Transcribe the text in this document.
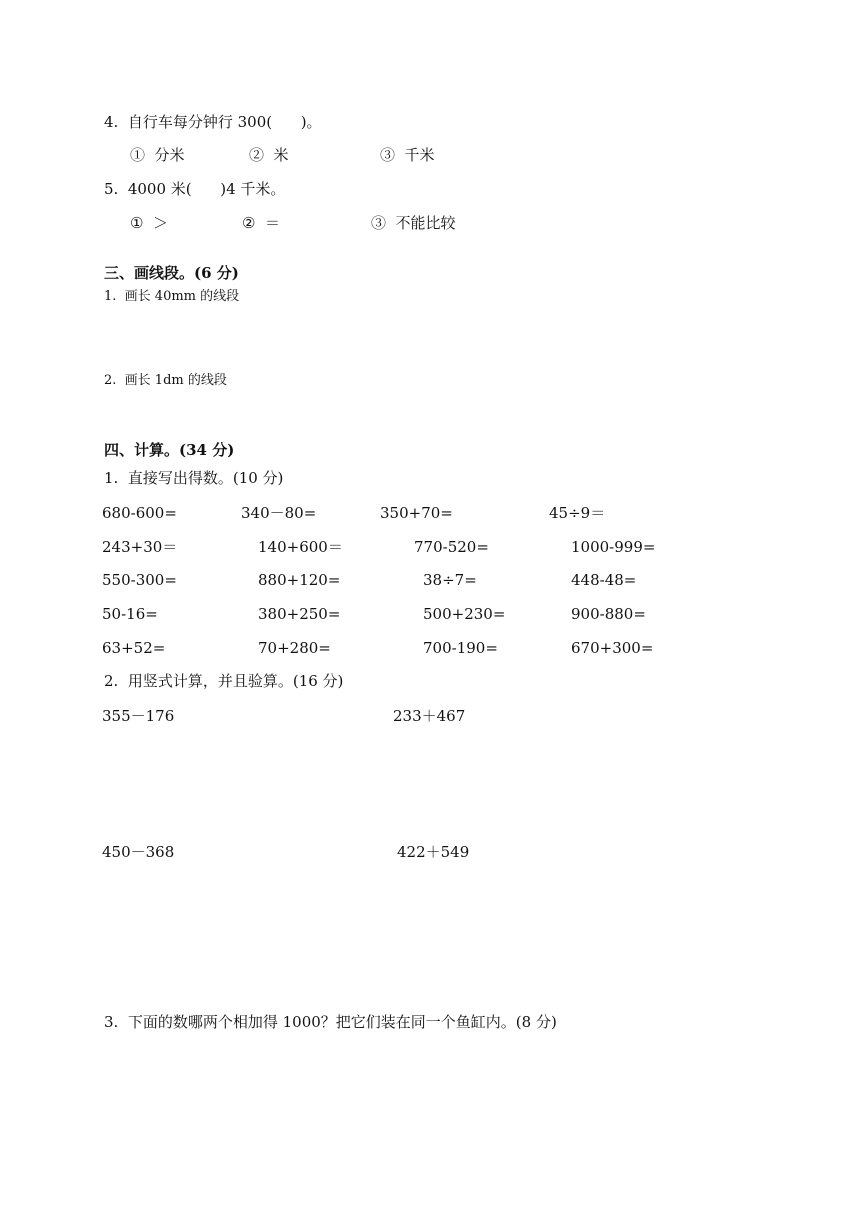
4.  自行车每分钟行 300(      )。
①  分米	②  米	③  千米
5.  4000 米(      )4 千米。
①  ＞	②  ＝	③  不能比较
三、画线段。(6 分)
1.  画长 40mm 的线段
2.  画长 1dm 的线段
四、计算。(34 分)
1.  直接写出得数。(10 分)
680-600=	340－80=	350+70=	45÷9＝
243+30＝	140+600＝	770-520=	1000-999=
550-300=	880+120=	38÷7=	448-48=
50-16=	380+250=	500+230=	900-880=
63+52=	70+280=	700-190=	670+300=
2.  用竖式计算，并且验算。(16 分)
355－176	233＋467
450－368	422＋549
3.  下面的数哪两个相加得 1000？把它们装在同一个鱼缸内。(8 分)
